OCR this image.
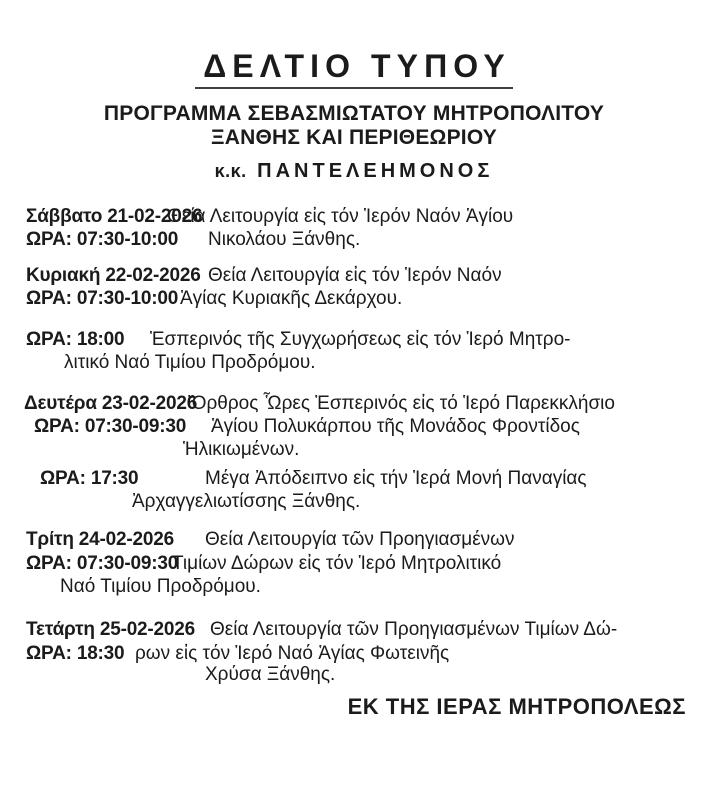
ΔΕΛΤΙΟ ΤΥΠΟΥ
ΠΡΟΓΡΑΜΜΑ ΣΕΒΑΣΜΙΩΤΑΤΟΥ ΜΗΤΡΟΠΟΛΙΤΟΥ
ΞΑΝΘΗΣ ΚΑΙ ΠΕΡΙΘΕΩΡΙΟΥ
κ.κ. ΠΑΝΤΕΛΕΗΜΟΝΟΣ
Σάββατο 21-02-2026
Θεία Λειτουργία εἰς τόν Ἱερόν Ναόν Ἁγίου
ΩΡΑ: 07:30-10:00 Νικολάου Ξάνθης.
Κυριακή 22-02-2026 Θεία Λειτουργία εἰς τόν Ἱερόν Ναόν
ΩΡΑ: 07:30-10:00 Ἁγίας Κυριακῆς Δεκάρχου.
ΩΡΑ: 18:00 Ἑσπερινός τῆς Συγχωρήσεως εἰς τόν Ἱερό Μητρο-
λιτικό Ναό Τιμίου Προδρόμου.
Δευτέρα 23-02-2026
Ὄρθρος Ὧρες Ἑσπερινός εἰς τό Ἱερό Παρεκκλήσιο
ΩΡΑ: 07:30-09:30 Ἁγίου Πολυκάρπου τῆς Μονάδος Φροντίδος
Ἡλικιωμένων.
ΩΡΑ: 17:30	Μέγα Ἀπόδειπνο εἰς τήν Ἱερά Μονή Παναγίας
Ἀρχαγγελιωτίσσης Ξάνθης.
Τρίτη 24-02-2026 Θεία Λειτουργία τῶν Προηγιασμένων
ΩΡΑ: 07:30-09:30
Τιμίων Δώρων εἰς τόν Ἱερό Μητρολιτικό
Ναό Τιμίου Προδρόμου.
Τετάρτη 25-02-2026 Θεία Λειτουργία τῶν Προηγιασμένων Τιμίων Δώ-
ΩΡΑ: 18:30 ρων εἰς τόν Ἱερό Ναό Ἁγίας Φωτεινῆς
Χρύσα Ξάνθης.
ΕΚ ΤΗΣ ΙΕΡΑΣ ΜΗΤΡΟΠΟΛΕΩΣ
